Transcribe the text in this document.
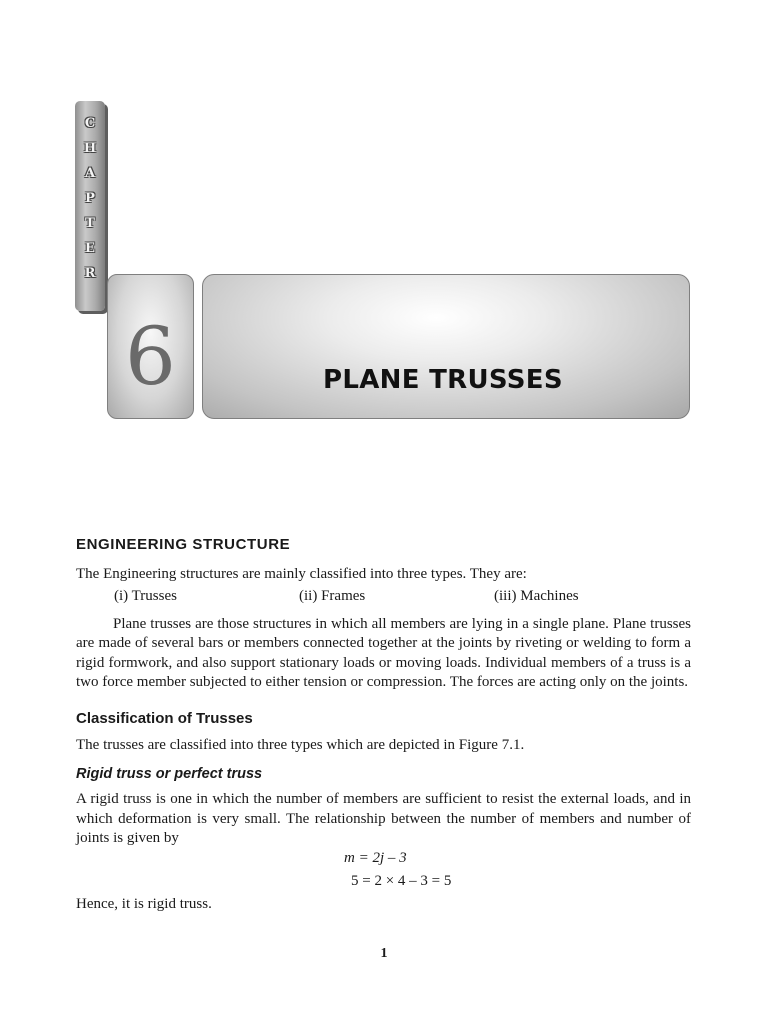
C
H
A
P
T
E
R
6	PLANE TRUSSES
ENGINEERING STRUCTURE

The Engineering structures are mainly classified into three types. They are:

(i) Trusses	(ii) Frames	(iii) Machines

Plane trusses are those structures in which all members are lying in a single plane. Plane trusses are made of several bars or members connected together at the joints by riveting or welding to form a rigid formwork, and also support stationary loads or moving loads. Individual members of a truss is a two force member subjected to either tension or compression. The forces are acting only on the joints.

Classification of Trusses

The trusses are classified into three types which are depicted in Figure 7.1.

Rigid truss or perfect truss

A rigid truss is one in which the number of members are sufficient to resist the external loads, and in which deformation is very small. The relationship between the number of members and number of joints is given by

m = 2j – 3
5 = 2 × 4 – 3 = 5

Hence, it is rigid truss.

1
